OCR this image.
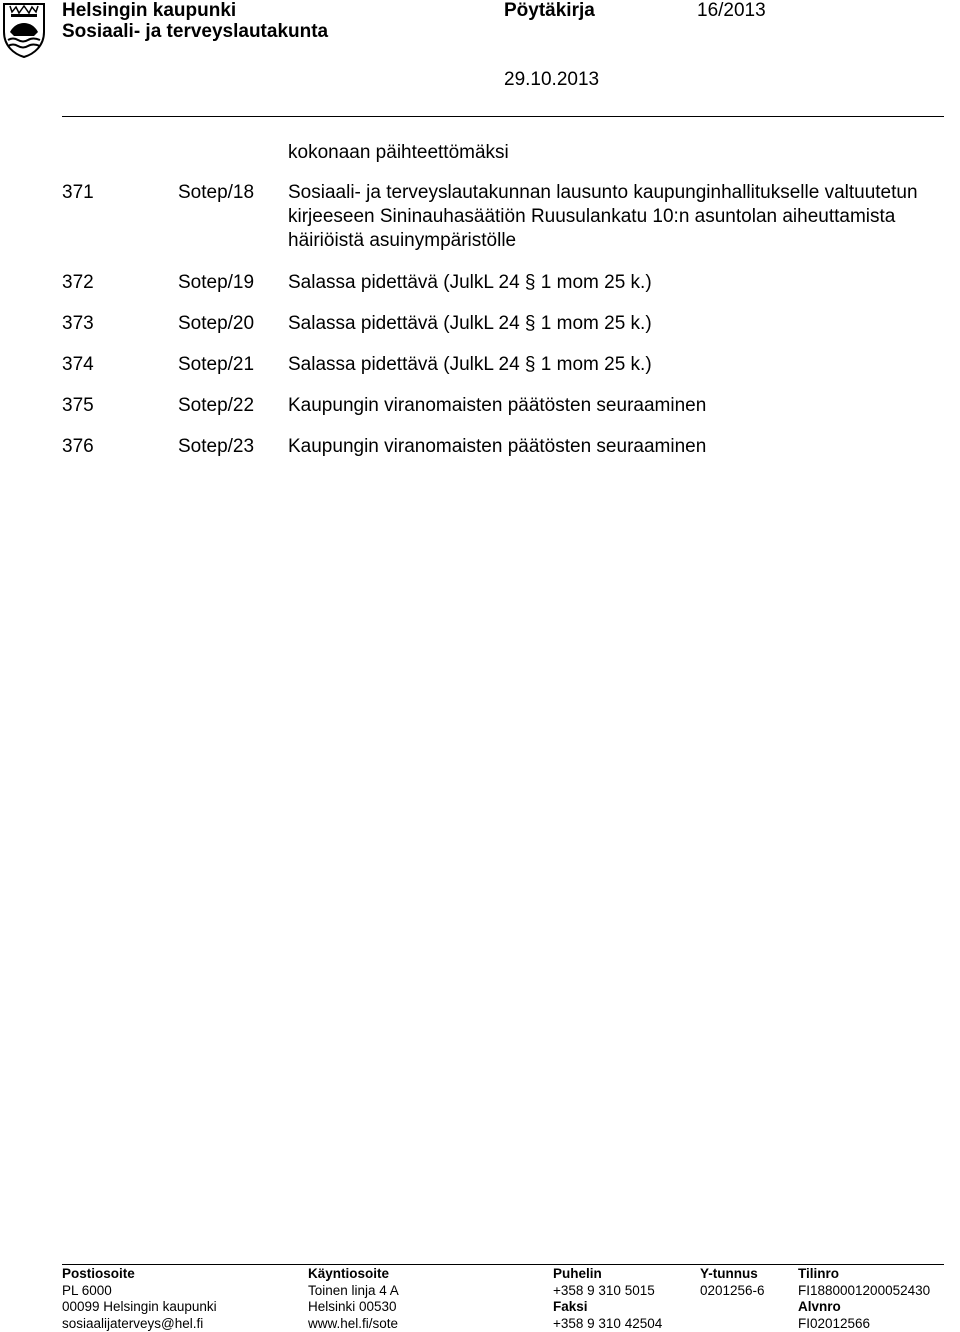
Helsingin kaupunki
Sosiaali- ja terveyslautakunta
Pöytäkirja	16/2013
29.10.2013
kokonaan päihteettömäksi
371	Sotep/18 Sosiaali- ja terveyslautakunnan lausunto kaupunginhallitukselle valtuutetun kirjeeseen Sininauhasäätiön Ruusulankatu 10:n asuntolan aiheuttamista häiriöistä asuinympäristölle
372	Sotep/19 Salassa pidettävä (JulkL 24 § 1 mom 25 k.)
373	Sotep/20 Salassa pidettävä (JulkL 24 § 1 mom 25 k.)
374	Sotep/21 Salassa pidettävä (JulkL 24 § 1 mom 25 k.)
375	Sotep/22 Kaupungin viranomaisten päätösten seuraaminen
376	Sotep/23 Kaupungin viranomaisten päätösten seuraaminen
Postiosoite
PL 6000
00099 Helsingin kaupunki
sosiaalijaterveys@hel.fi
Käyntiosoite
Toinen linja 4 A
Helsinki 00530
www.hel.fi/sote
Puhelin
+358 9 310 5015
Faksi
+358 9 310 42504
Y-tunnus
0201256-6
Tilinro
FI1880001200052430
Alvnro
FI02012566
